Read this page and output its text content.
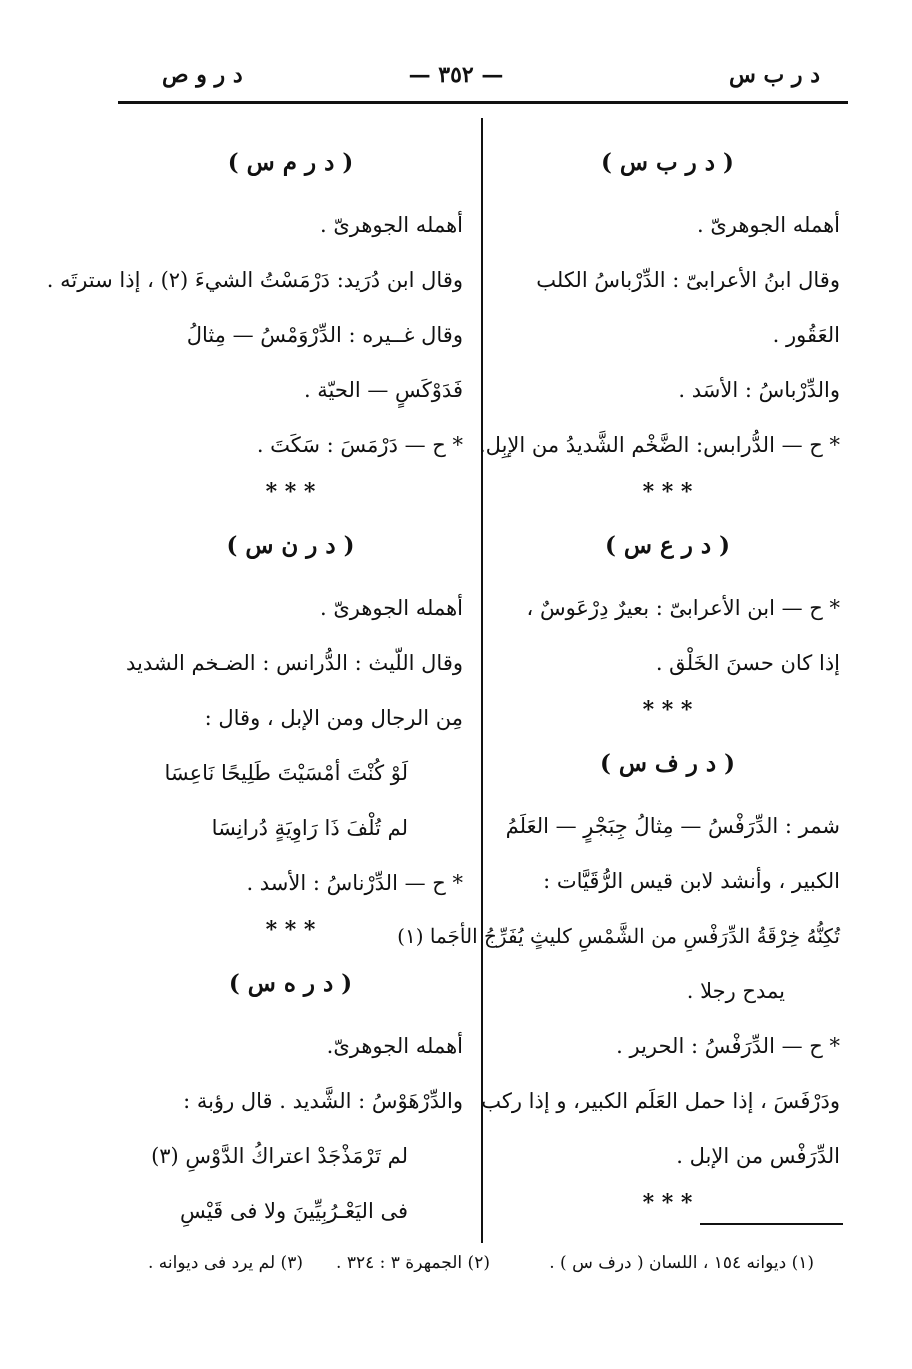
د ر ب س
— ٣٥٢ —
د ر و ص
( د ر ب س )
أهمله الجوهرىّ .
وقال ابنُ الأعرابىّ : الدِّرْباسُ الكلب
العَقُور .
والدِّرْباسُ : الأسَد .
* ح — الدُّرابس: الضَّخْم الشَّديدُ من الإبِل.
* * *
( د ر ع س )
* ح — ابن الأعرابىّ : بعيرٌ دِرْعَوسٌ ،
إذا كان حسنَ الخَلْق .
* * *
( د ر ف س )
شمر : الدِّرَفْسُ — مِثالُ جِبَجْرٍ — العَلَمُ
الكبير ، وأنشد لابن قيس الرُّقَيَّات :
تُكِنُّهُ خِرْقَةُ الدِّرَفْسِ من الشَّمْسِ كليثٍ يُفَرِّجُ الأجَما (١)
يمدح رجلا .
* ح — الدِّرَفْسُ : الحرير .
ودَرْفَسَ ، إذا حمل العَلَم الكبير، و إذا ركب
الدِّرَفْس من الإبل .
* * *
( د ر م س )
أهمله الجوهرىّ .
وقال ابن دُرَيد: دَرْمَسْتُ الشيءَ (٢) ، إذا سترتَه .
وقال غــيره : الدِّرْوَمْسُ — مِثالُ
فَدَوْكَسٍ — الحيّة .
* ح — دَرْمَسَ : سَكَتَ .
* * *
( د ر ن س )
أهمله الجوهرىّ .
وقال اللّيث : الدُّرانس : الضـخم الشديد
مِن الرجال ومن الإبل ، وقال :
لَوْ كُنْتَ أمْسَيْتَ طَلِيحًا نَاعِسَا
لم تُلْفَ ذَا رَاوِيَةٍ دُرانِسَا
* ح — الدِّرْناسُ : الأسد .
* * *
( د ر ه س )
أهمله الجوهرىّ.
والدِّرْهَوْسُ : الشَّديد . قال رؤبة :
لم تَرْمَذْجَدْ اعتراكُ الدَّوْسِ (٣)
فى اليَعْـرُبِيِّينَ ولا فى قَيْسِ
(١) ديوانه ١٥٤ ، اللسان ( درف س ) .
(٢) الجمهرة ٣ : ٣٢٤ .
(٣) لم يرد فى ديوانه .
